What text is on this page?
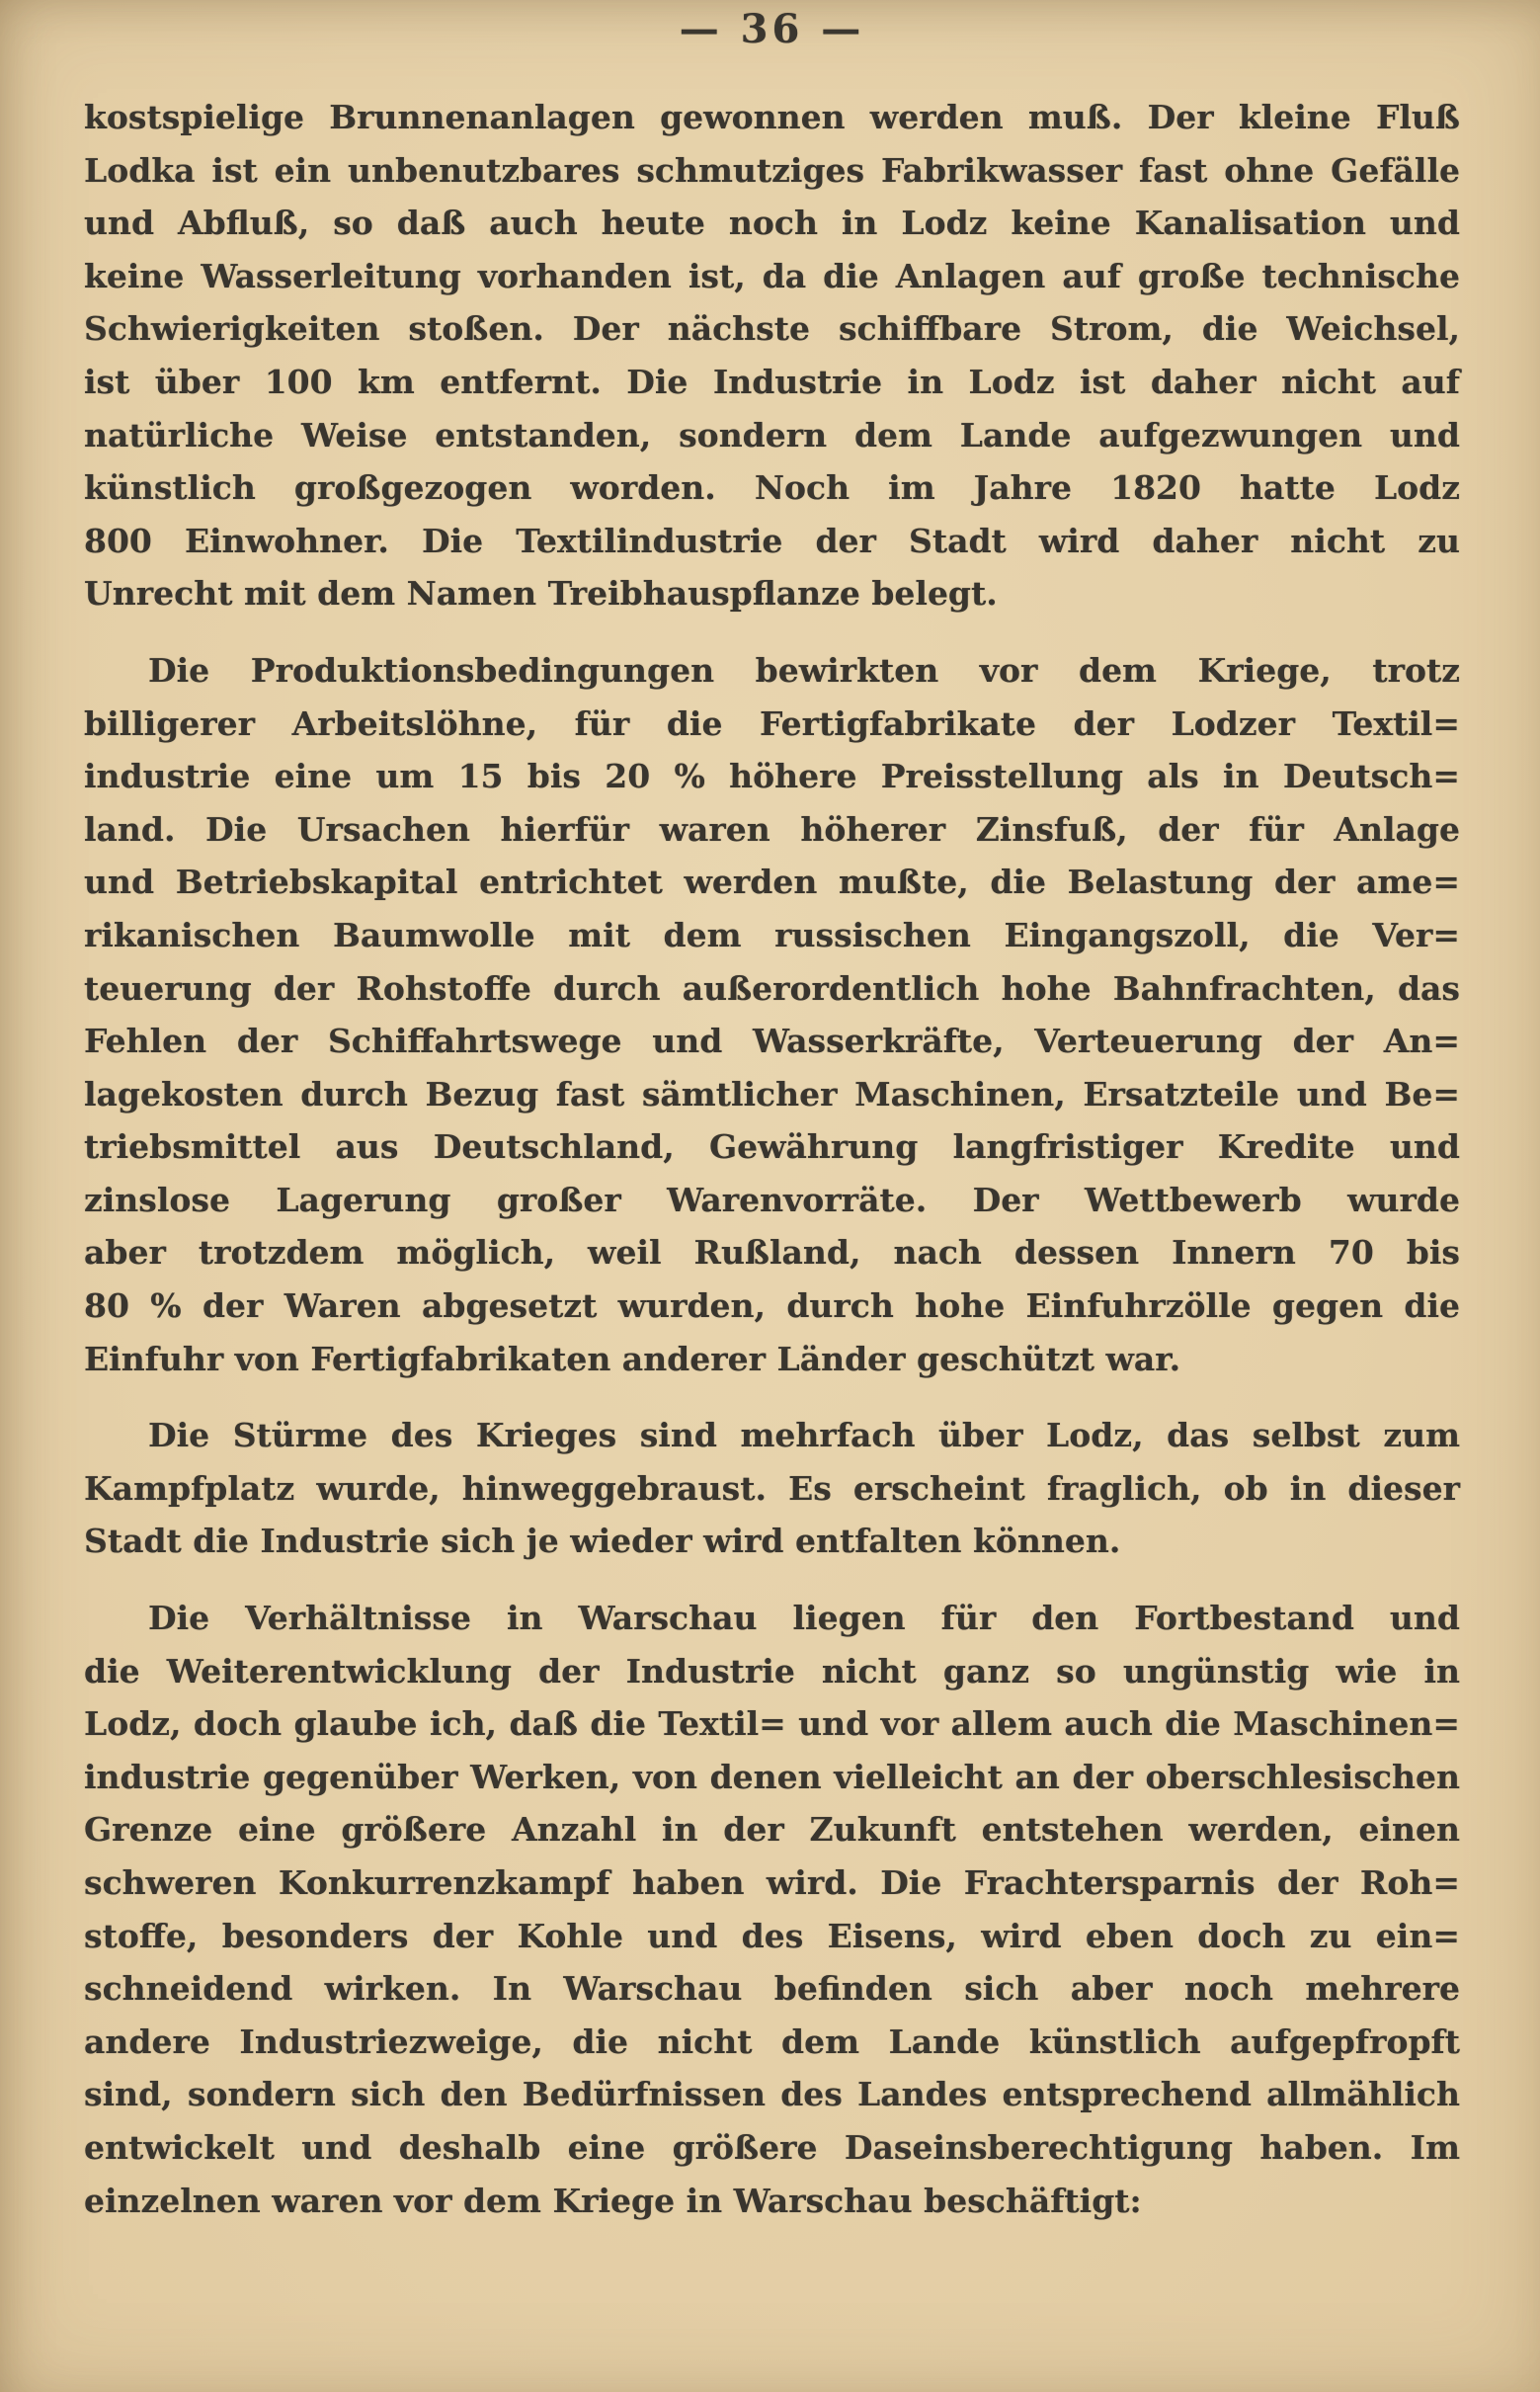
— 36 —
kostspielige Brunnenanlagen gewonnen werden muß. Der kleine Fluß
Lodka ist ein unbenutzbares schmutziges Fabrikwasser fast ohne Gefälle
und Abfluß, so daß auch heute noch in Lodz keine Kanalisation und
keine Wasserleitung vorhanden ist, da die Anlagen auf große technische
Schwierigkeiten stoßen. Der nächste schiffbare Strom, die Weichsel,
ist über 100 km entfernt. Die Industrie in Lodz ist daher nicht auf
natürliche Weise entstanden, sondern dem Lande aufgezwungen und
künstlich großgezogen worden. Noch im Jahre 1820 hatte Lodz
800 Einwohner. Die Textilindustrie der Stadt wird daher nicht zu
Unrecht mit dem Namen Treibhauspflanze belegt.
Die Produktionsbedingungen bewirkten vor dem Kriege, trotz
billigerer Arbeitslöhne, für die Fertigfabrikate der Lodzer Textil=
industrie eine um 15 bis 20 % höhere Preisstellung als in Deutsch=
land. Die Ursachen hierfür waren höherer Zinsfuß, der für Anlage
und Betriebskapital entrichtet werden mußte, die Belastung der ame=
rikanischen Baumwolle mit dem russischen Eingangszoll, die Ver=
teuerung der Rohstoffe durch außerordentlich hohe Bahnfrachten, das
Fehlen der Schiffahrtswege und Wasserkräfte, Verteuerung der An=
lagekosten durch Bezug fast sämtlicher Maschinen, Ersatzteile und Be=
triebsmittel aus Deutschland, Gewährung langfristiger Kredite und
zinslose Lagerung großer Warenvorräte. Der Wettbewerb wurde
aber trotzdem möglich, weil Rußland, nach dessen Innern 70 bis
80 % der Waren abgesetzt wurden, durch hohe Einfuhrzölle gegen die
Einfuhr von Fertigfabrikaten anderer Länder geschützt war.
Die Stürme des Krieges sind mehrfach über Lodz, das selbst zum
Kampfplatz wurde, hinweggebraust. Es erscheint fraglich, ob in dieser
Stadt die Industrie sich je wieder wird entfalten können.
Die Verhältnisse in Warschau liegen für den Fortbestand und
die Weiterentwicklung der Industrie nicht ganz so ungünstig wie in
Lodz, doch glaube ich, daß die Textil= und vor allem auch die Maschinen=
industrie gegenüber Werken, von denen vielleicht an der oberschlesischen
Grenze eine größere Anzahl in der Zukunft entstehen werden, einen
schweren Konkurrenzkampf haben wird. Die Frachtersparnis der Roh=
stoffe, besonders der Kohle und des Eisens, wird eben doch zu ein=
schneidend wirken. In Warschau befinden sich aber noch mehrere
andere Industriezweige, die nicht dem Lande künstlich aufgepfropft
sind, sondern sich den Bedürfnissen des Landes entsprechend allmählich
entwickelt und deshalb eine größere Daseinsberechtigung haben. Im
einzelnen waren vor dem Kriege in Warschau beschäftigt:
